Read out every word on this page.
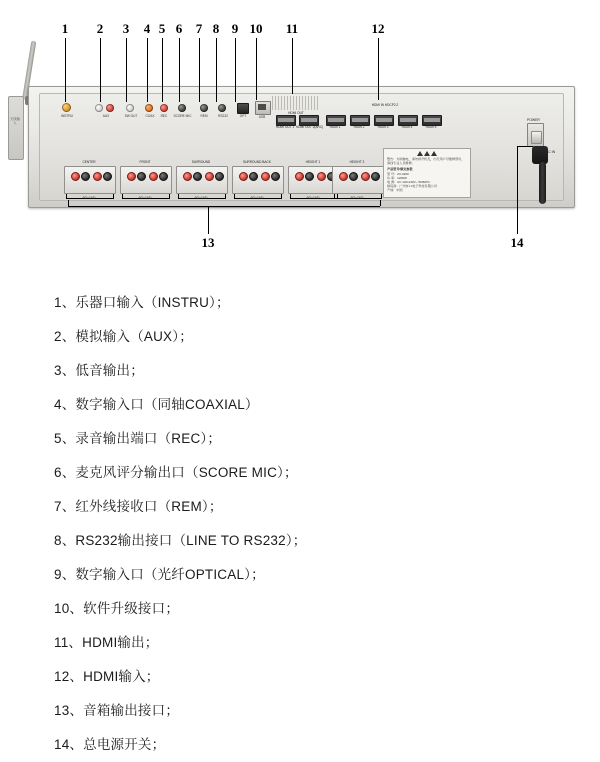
天线输入
INSTRU	AUX	SW OUT	COAX	REC	SCORE MIC	REM	RS232	OPT	USB
HDMI OUT
HDMI OUT 1 HDMI OUT 2(ARC)
HDMI IN HDCP2.2
HDMI 1	HDMI 2	HDMI 3	HDMI 4	HDMI 5
CENTER	FRONT	SURROUND	SURROUND BACK	HEIGHT 1	HEIGHT 2
6Ω~16Ω	6Ω~16Ω	6Ω~16Ω	6Ω~16Ω	6Ω~16Ω	6Ω~16Ω

警告：为防触电，请勿拆开机壳，内无用户可维修部件，请找专业人员维修。
产品型号/额定参数
型 号：AV-4200
功 率：1200W
电 源：AC 100-240V~ 50/60Hz
制造商：广州市××电子科技有限公司
产地：中国
POWER
AC IN
1 2 3 4 5 6 7 8 9 10 11	12
13	14
1、乐器口输入（INSTRU）；
2、模拟输入（AUX）；
3、低音输出；
4、数字输入口（同轴COAXIAL）
5、录音输出端口（REC）；
6、麦克风评分输出口（SCORE MIC）；
7、红外线接收口（REM）；
8、RS232输出接口（LINE TO RS232）；
9、数字输入口（光纤OPTICAL）；
10、软件升级接口；
11、HDMI输出；
12、HDMI输入；
13、音箱输出接口；
14、总电源开关；
